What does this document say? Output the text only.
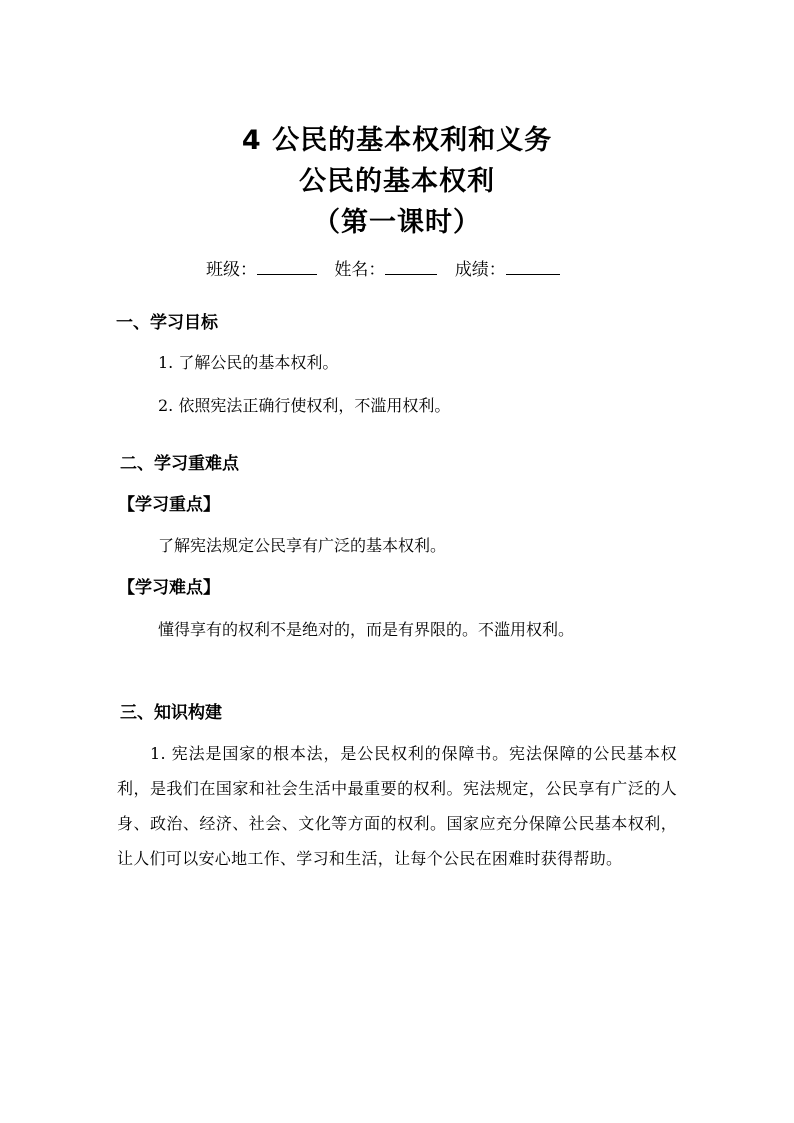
4 公民的基本权利和义务
公民的基本权利
（第一课时）
班级：	姓名：	成绩：
一、学习目标
1. 了解公民的基本权利。
2. 依照宪法正确行使权利，不滥用权利。
二、学习重难点
【学习重点】
了解宪法规定公民享有广泛的基本权利。
【学习难点】
懂得享有的权利不是绝对的，而是有界限的。不滥用权利。
三、知识构建
1. 宪法是国家的根本法，是公民权利的保障书。宪法保障的公民基本权利，是我们在国家和社会生活中最重要的权利。宪法规定，公民享有广泛的人身、政治、经济、社会、文化等方面的权利。国家应充分保障公民基本权利，让人们可以安心地工作、学习和生活，让每个公民在困难时获得帮助。
